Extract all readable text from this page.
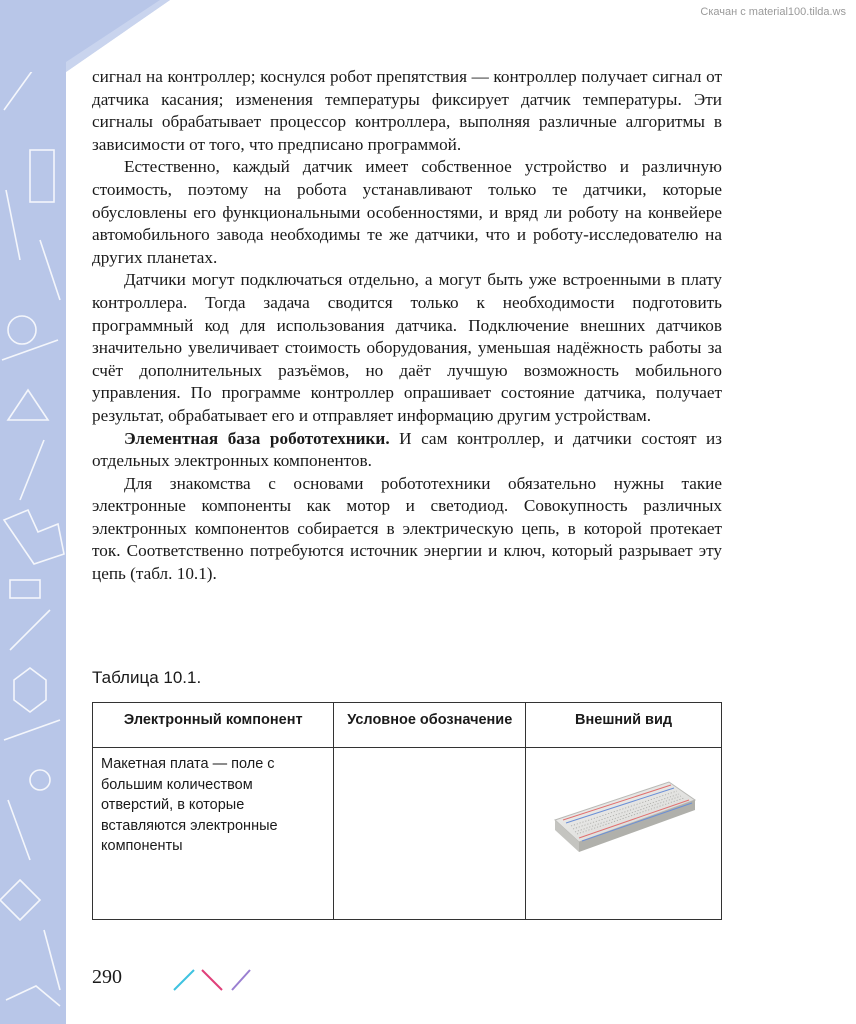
Скачан с material100.tilda.ws

сигнал на контроллер; коснулся робот препятствия — контроллер получает сигнал от датчика касания; изменения температуры фиксирует датчик температуры. Эти сигналы обрабатывает процессор контроллера, выполняя различные алгоритмы в зависимости от того, что предписано программой.

Естественно, каждый датчик имеет собственное устройство и различную стоимость, поэтому на робота устанавливают только те датчики, которые обусловлены его функциональными особенностями, и вряд ли роботу на конвейере автомобильного завода необходимы те же датчики, что и роботу-исследователю на других планетах.

Датчики могут подключаться отдельно, а могут быть уже встроенными в плату контроллера. Тогда задача сводится только к необходимости подготовить программный код для использования датчика. Подключение внешних датчиков значительно увеличивает стоимость оборудования, уменьшая надёжность работы за счёт дополнительных разъёмов, но даёт лучшую возможность мобильного управления. По программе контроллер опрашивает состояние датчика, получает результат, обрабатывает его и отправляет информацию другим устройствам.

Элементная база робототехники. И сам контроллер, и датчики состоят из отдельных электронных компонентов.

Для знакомства с основами робототехники обязательно нужны такие электронные компоненты как мотор и светодиод. Совокупность различных электронных компонентов собирается в электрическую цепь, в которой протекает ток. Соответственно потребуются источник энергии и ключ, который разрывает эту цепь (табл. 10.1).

Таблица 10.1.
Электронный компонент	Условное обозначение	Внешний вид
Макетная плата — поле с большим количеством отверстий, в которые вставляются электронные компоненты		
290
